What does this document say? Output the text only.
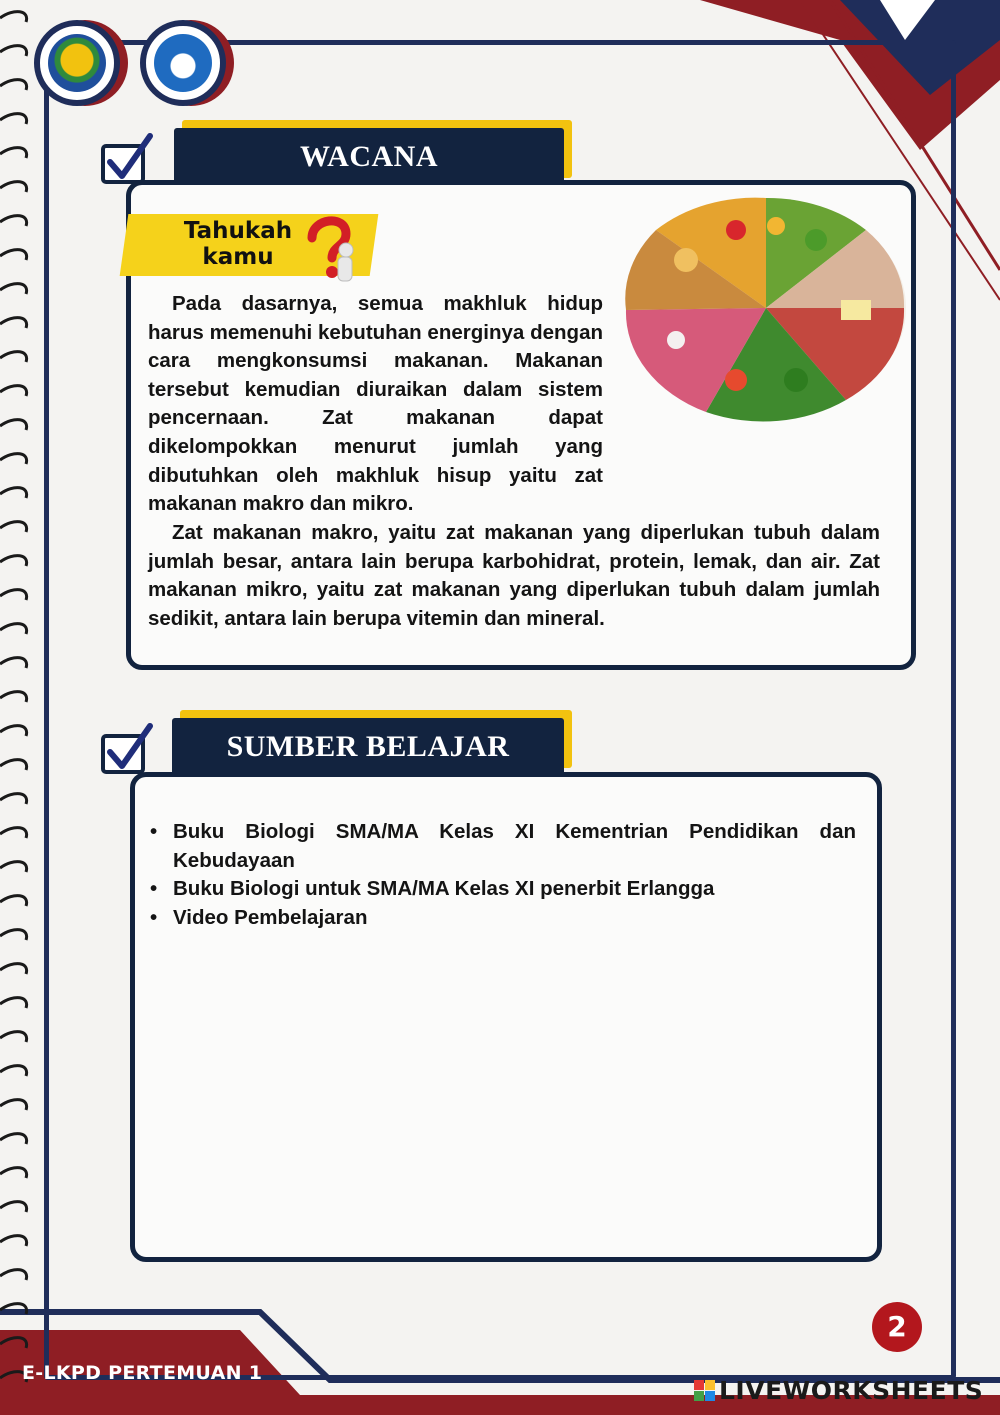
WACANA
Tahukah kamu

Pada dasarnya, semua makhluk hidup harus memenuhi kebutuhan energinya dengan cara mengkonsumsi makanan. Makanan tersebut kemudian diuraikan dalam sistem pencernaan. Zat makanan dapat dikelompokkan menurut jumlah yang dibutuhkan oleh makhluk hisup yaitu zat makanan makro dan mikro.

Zat makanan makro, yaitu zat makanan yang diperlukan tubuh dalam jumlah besar, antara lain berupa karbohidrat, protein, lemak, dan air. Zat makanan mikro, yaitu zat makanan yang diperlukan tubuh dalam jumlah sedikit, antara lain berupa vitemin dan mineral.

SUMBER BELAJAR
• Buku Biologi SMA/MA Kelas XI Kementrian Pendidikan dan Kebudayaan
• Buku Biologi untuk SMA/MA Kelas XI penerbit Erlangga
• Video Pembelajaran
2
E-LKPD PERTEMUAN 1
LIVEWORKSHEETS
